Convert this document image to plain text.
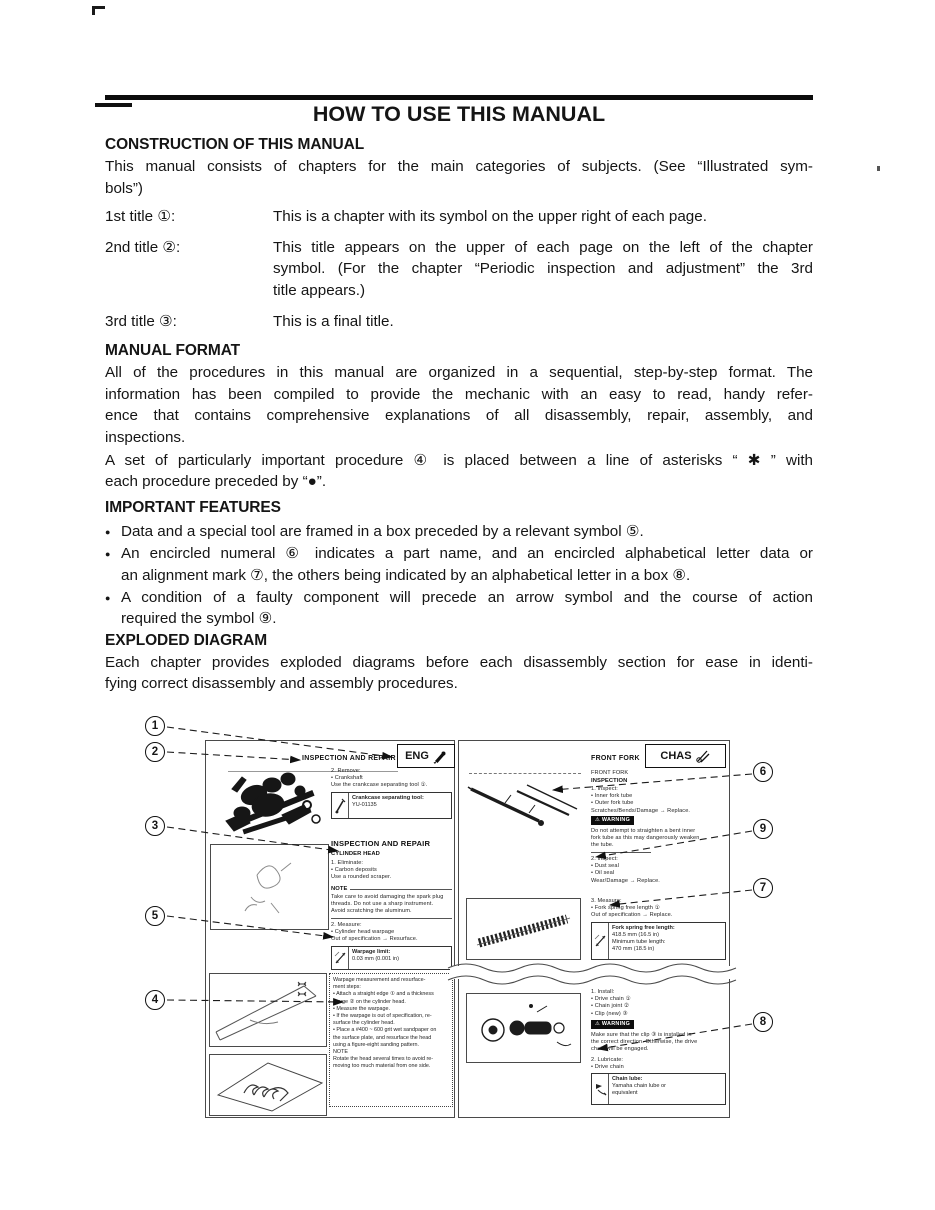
HOW TO USE THIS MANUAL
CONSTRUCTION OF THIS MANUAL
This manual consists of chapters for the main categories of subjects. (See “Illustrated sym-
bols”)
1st title ①:	This is a chapter with its symbol on the upper right of each page.
2nd title ②:	This title appears on the upper of each page on the left of the chapter
symbol. (For the chapter “Periodic inspection and adjustment” the 3rd
title appears.)
3rd title ③:	This is a final title.
MANUAL FORMAT
All of the procedures in this manual are organized in a sequential, step-by-step format. The
information has been compiled to provide the mechanic with an easy to read, handy refer-
ence that contains comprehensive explanations of all disassembly, repair, assembly, and
inspections.
A set of particularly important procedure ④ is placed between a line of asterisks “ ✱ ” with
each procedure preceded by “●”.
IMPORTANT FEATURES
● Data and a special tool are framed in a box preceded by a relevant symbol ⑤.
● An encircled numeral ⑥ indicates a part name, and an encircled alphabetical letter data or
an alignment mark ⑦, the others being indicated by an alphabetical letter in a box ⑧.
● A condition of a faulty component will precede an arrow symbol and the course of action
required the symbol ⑨.
EXPLODED DIAGRAM
Each chapter provides exploded diagrams before each disassembly section for ease in identi-
fying correct disassembly and assembly procedures.
INSPECTION AND REPAIR ENG
2. Remove:
• Crankshaft
Use the crankcase separating tool ①.
Crankcase separating tool:
YU-01135
INSPECTION AND REPAIR
CYLINDER HEAD
1. Eliminate:
• Carbon deposits
Use a rounded scraper.
NOTE
Take care to avoid damaging the spark plug
threads. Do not use a sharp instrument.
Avoid scratching the aluminum.
2. Measure:
• Cylinder head warpage
Out of specification → Resurface.
Warpage limit:
0.03 mm (0.001 in)
Warpage measurement and resurface-
ment steps:
• Attach a straight edge ① and a thickness
gauge ② on the cylinder head.
• Measure the warpage.
• If the warpage is out of specification, re-
surface the cylinder head.
• Place a #400 ~ 600 grit wet sandpaper on
the surface plate, and resurface the head
using a figure-eight sanding pattern.
NOTE
Rotate the head several times to avoid re-
moving too much material from one side.
FRONT FORK CHAS
FRONT FORK
INSPECTION
1. Inspect:
• Inner fork tube
• Outer fork tube
Scratches/Bends/Damage → Replace.
⚠ WARNING
Do not attempt to straighten a bent inner
fork tube as this may dangerously weaken
the tube.
2. Inspect:
• Dust seal
• Oil seal
Wear/Damage → Replace.
3. Measure:
• Fork spring free length ①
Out of specification → Replace.
Fork spring free length:
418.5 mm (16.5 in)
Minimum tube length:
470 mm (18.5 in)
1. Install:
• Drive chain ①
• Chain joint ②
• Clip (new) ③
⚠ WARNING
Make sure that the clip ③ is installed in
the correct direction. Otherwise, the drive
chain will be engaged.
2. Lubricate:
• Drive chain
Chain lube:
Yamaha chain lube or
equivalent
1
2
3
4
5
6
7
8
9
